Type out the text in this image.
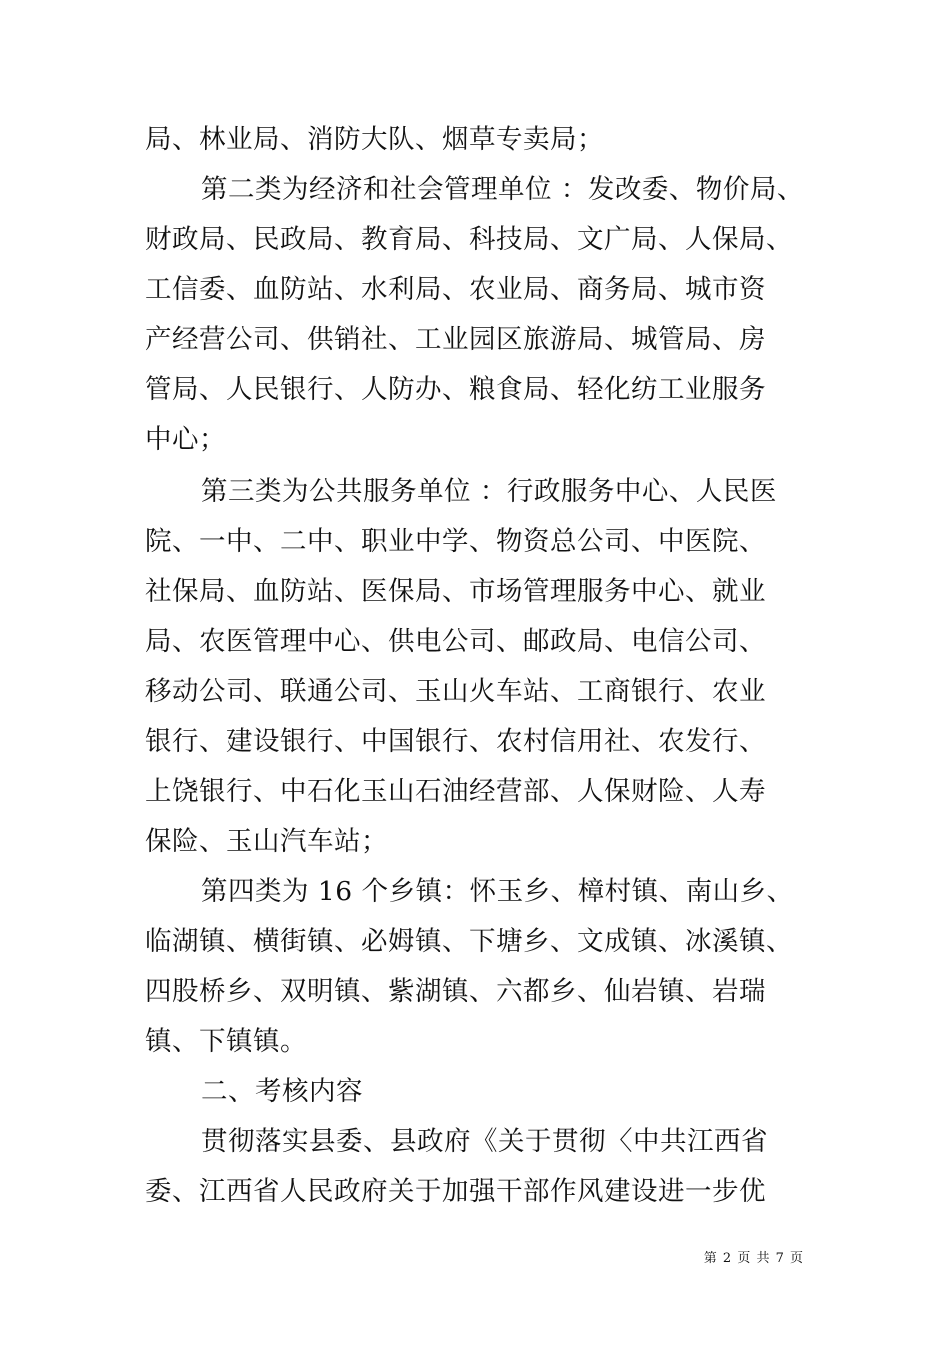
局、林业局、消防大队、烟草专卖局；
第二类为经济和社会管理单位 ：发改委、物价局、
财政局、民政局、教育局、科技局、文广局、人保局、
工信委、血防站、水利局、农业局、商务局、城市资
产经营公司、供销社、工业园区旅游局、城管局、房
管局、人民银行、人防办、粮食局、轻化纺工业服务
中心；
第三类为公共服务单位 ：行政服务中心、人民医
院、一中、二中、职业中学、物资总公司、中医院、
社保局、血防站、医保局、市场管理服务中心、就业
局、农医管理中心、供电公司、邮政局、电信公司、
移动公司、联通公司、玉山火车站、工商银行、农业
银行、建设银行、中国银行、农村信用社、农发行、
上饶银行、中石化玉山石油经营部、人保财险、人寿
保险、玉山汽车站；
第四类为 16 个乡镇：怀玉乡、樟村镇、南山乡、
临湖镇、横街镇、必姆镇、下塘乡、文成镇、冰溪镇、
四股桥乡、双明镇、紫湖镇、六都乡、仙岩镇、岩瑞
镇、下镇镇。
二、考核内容
贯彻落实县委、县政府《关于贯彻〈中共江西省
委、江西省人民政府关于加强干部作风建设进一步优
第 2 页 共 7 页
